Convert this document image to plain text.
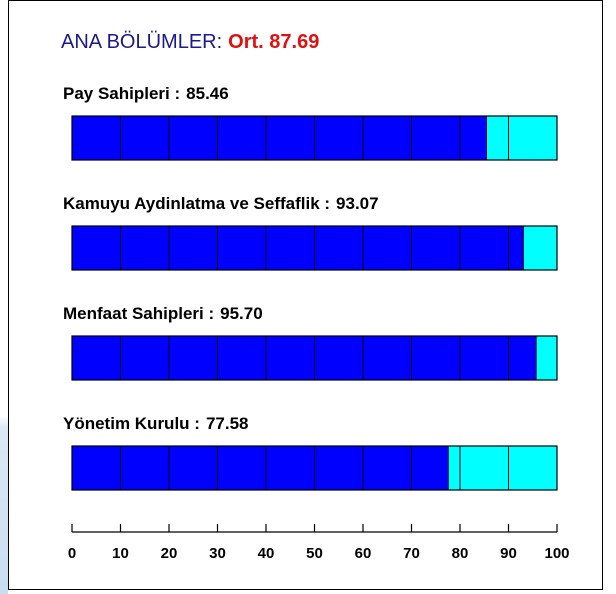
ANA BÖLÜMLER: Ort. 87.69
Pay Sahipleri : 85.46
Kamuyu Aydinlatma ve Seffaflik : 93.07
Menfaat Sahipleri : 95.70
Yönetim Kurulu : 77.58
0 10 20 30 40 50 60 70 80 90 100
